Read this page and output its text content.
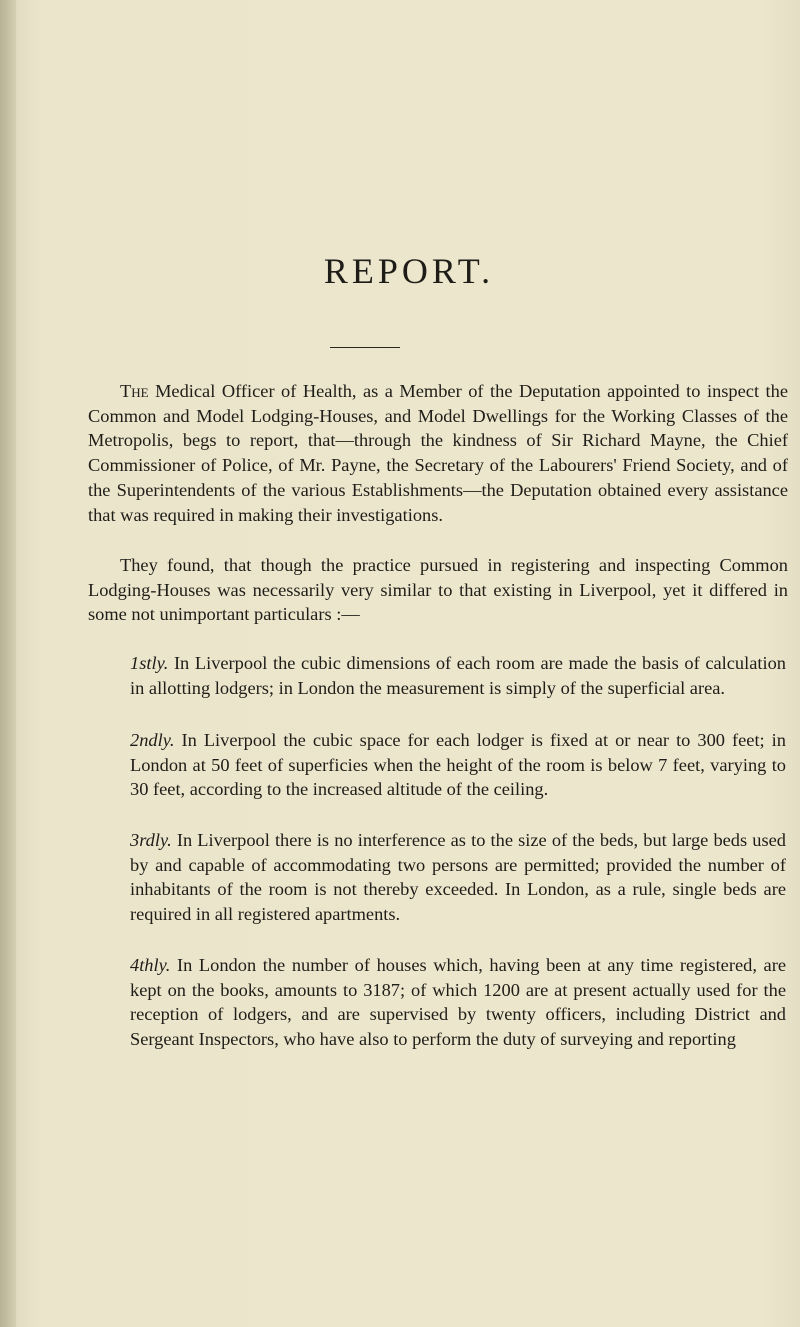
REPORT.
The Medical Officer of Health, as a Member of the Deputation appointed to inspect the Common and Model Lodging-Houses, and Model Dwellings for the Working Classes of the Metropolis, begs to report, that—through the kindness of Sir Richard Mayne, the Chief Commissioner of Police, of Mr. Payne, the Secretary of the Labourers' Friend Society, and of the Superintendents of the various Establishments—the Deputation obtained every assistance that was required in making their investigations.
They found, that though the practice pursued in registering and inspecting Common Lodging-Houses was necessarily very similar to that existing in Liverpool, yet it differed in some not unimportant particulars :—
1stly. In Liverpool the cubic dimensions of each room are made the basis of calculation in allotting lodgers; in London the measurement is simply of the superficial area.
2ndly. In Liverpool the cubic space for each lodger is fixed at or near to 300 feet; in London at 50 feet of superficies when the height of the room is below 7 feet, varying to 30 feet, according to the increased altitude of the ceiling.
3rdly. In Liverpool there is no interference as to the size of the beds, but large beds used by and capable of accommodating two persons are permitted; provided the number of inhabitants of the room is not thereby exceeded. In London, as a rule, single beds are required in all registered apartments.
4thly. In London the number of houses which, having been at any time registered, are kept on the books, amounts to 3187; of which 1200 are at present actually used for the reception of lodgers, and are supervised by twenty officers, including District and Sergeant Inspectors, who have also to perform the duty of surveying and reporting
